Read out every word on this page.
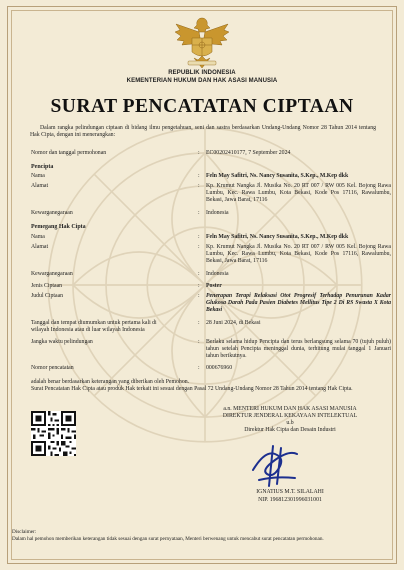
REPUBLIK INDONESIA
KEMENTERIAN HUKUM DAN HAK ASASI MANUSIA
SURAT PENCATATAN CIPTAAN
Dalam rangka pelindungan ciptaan di bidang ilmu pengetahuan, seni dan sastra berdasarkan Undang-Undang Nomor 28 Tahun 2014 tentang Hak Cipta, dengan ini menerangkan:
Nomor dan tanggal permohonan	: EC00202410177, 7 September 2024
Pencipta
Nama	: Feln May Safitri, Ns. Nancy Susanita, S.Kep., M.Kep dkk
Alamat	: Kp. Krumut Nangka Jl. Musika No. 20 RT 007 / RW 005 Kel. Bojong Rawa Lumbu, Kec. Rawa Lumbu, Kota Bekasi, Kode Pos 17116, Rawalumbu, Bekasi, Jawa Barat, 17116
Kewarganegaraan	: Indonesia
Pemegang Hak Cipta
Nama	: Feln May Safitri, Ns. Nancy Susanita, S.Kep., M.Kep dkk
Alamat	: Kp. Krumut Nangka Jl. Musika No. 20 RT 007 / RW 005 Kel. Bojong Rawa Lumbu, Kec. Rawa Lumbu, Kota Bekasi, Kode Pos 17116, Rawalumbu, Bekasi, Jawa Barat, 17116
Kewarganegaraan	: Indonesia
Jenis Ciptaan	: Poster
Judul Ciptaan	: Penerapan Terapi Relaksasi Otot Progresif Terhadap Penurunan Kadar Glukosa Darah Pada Pasien Diabetes Mellitus Tipe 2 Di RS Swasta X Kota Bekasi
Tanggal dan tempat diumumkan untuk pertama kali di wilayah Indonesia atau di luar wilayah Indonesia
: 28 Juni 2024, di Bekasi
Jangka waktu pelindungan	: Berlaku selama hidup Pencipta dan terus berlangsung selama 70 (tujuh puluh) tahun setelah Pencipta meninggal dunia, terhitung mulai tanggal 1 Januari tahun berikutnya.
Nomor pencatatan	: 000676960
adalah benar berdasarkan keterangan yang diberikan oleh Pemohon.
Surat Pencatatan Hak Cipta atau produk Hak terkait ini sesuai dengan Pasal 72 Undang-Undang Nomor 28 Tahun 2014 tentang Hak Cipta.
a.n. MENTERI HUKUM DAN HAK ASASI MANUSIA
DIREKTUR JENDERAL KEKAYAAN INTELEKTUAL
u.b
Direktur Hak Cipta dan Desain Industri
IGNATIUS M.T. SILALAHI
NIP. 196812301996031001
Disclaimer:
Dalam hal pemohon memberikan keterangan tidak sesuai dengan surat pernyataan, Menteri berwenang untuk mencabut surat pencatatan permohonan.
